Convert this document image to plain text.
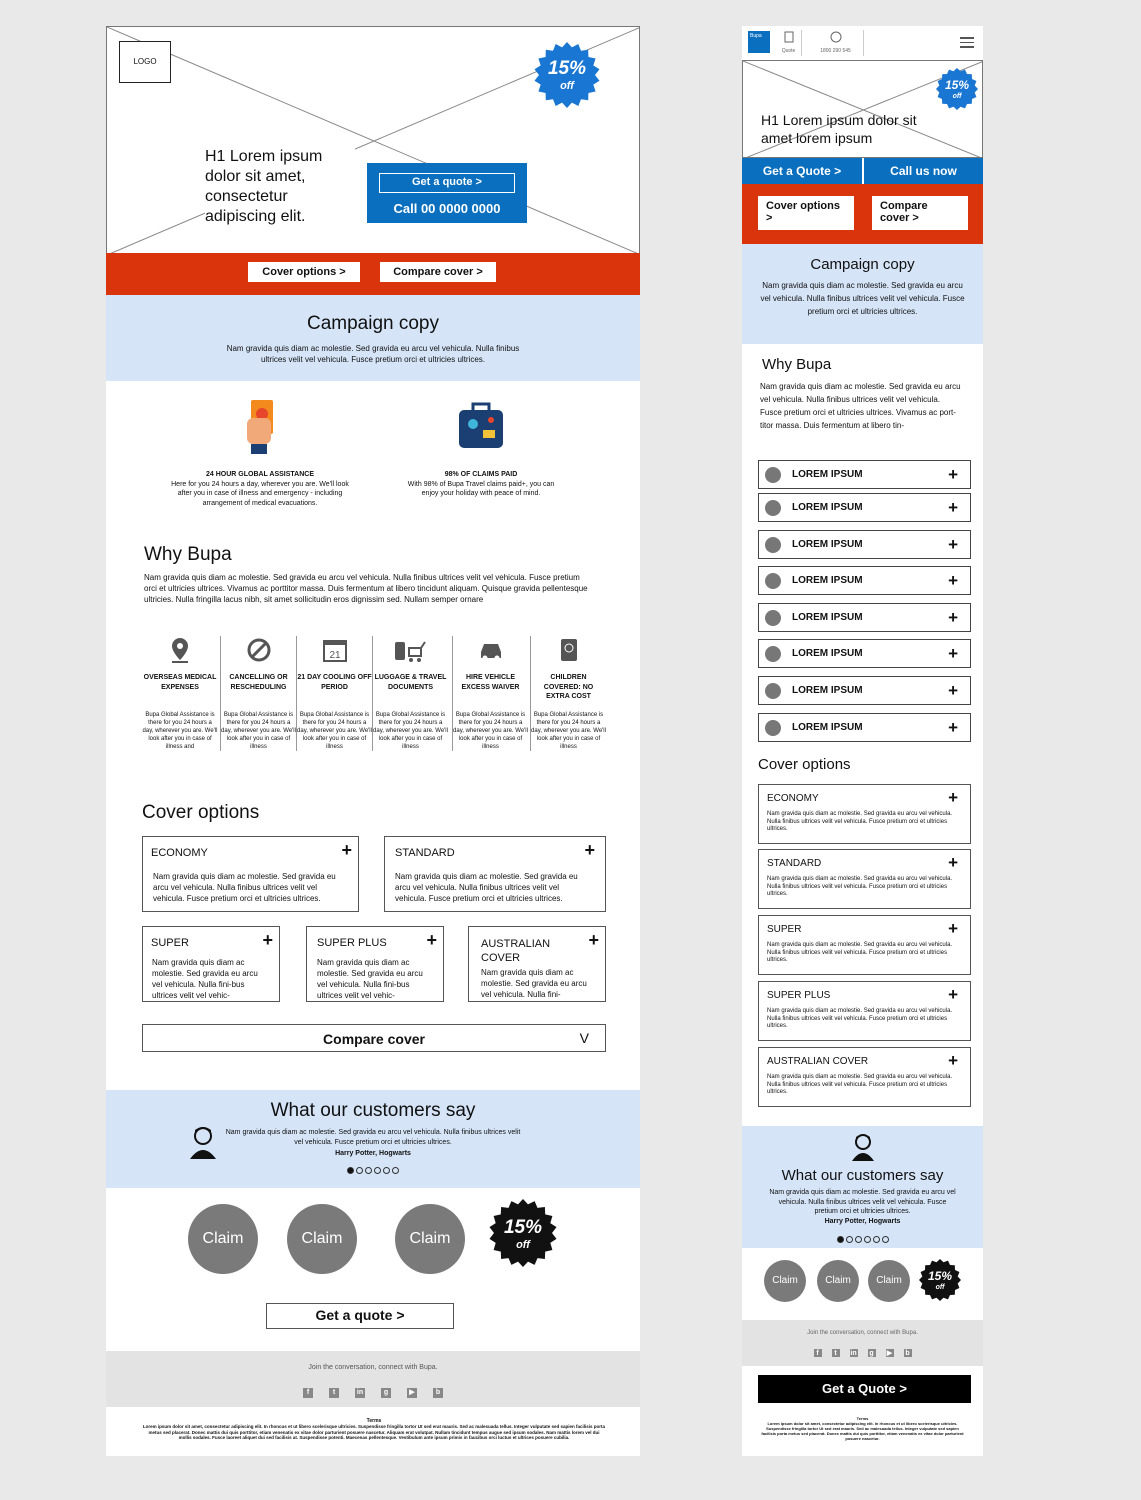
LOGO	15%
off
H1 Lorem ipsum dolor sit amet, consectetur adipiscing elit.
Get a quote >
Call 00 0000 0000
Cover options >	Compare cover >
Campaign copy
Nam gravida quis diam ac molestie. Sed gravida eu arcu vel vehicula. Nulla finibus ultrices velit vel vehicula. Fusce pretium orci et ultricies ultrices.
24 HOUR GLOBAL ASSISTANCE
Here for you 24 hours a day, wherever you are. We'll look after you in case of illness and emergency - including arrangement of medical evacuations.
98% OF CLAIMS PAID
With 98% of Bupa Travel claims paid+, you can enjoy your holiday with peace of mind.
Why Bupa
Nam gravida quis diam ac molestie. Sed gravida eu arcu vel vehicula. Nulla finibus ultrices velit vel vehicula. Fusce pretium orci et ultricies ultrices. Vivamus ac porttitor massa. Duis fermentum at libero tincidunt aliquam. Quisque gravida pellentesque ultricies. Nulla fringilla lacus nibh, sit amet sollicitudin eros dignissim sed. Nullam semper ornare
OVERSEAS MEDICAL EXPENSES
Bupa Global Assistance is there for you 24 hours a day, wherever you are. We'll look after you in case of illness and
CANCELLING OR RESCHEDULING
Bupa Global Assistance is there for you 24 hours a day, wherever you are. We'll look after you in case of illness
21
21 DAY COOLING OFF PERIOD
Bupa Global Assistance is there for you 24 hours a day, wherever you are. We'll look after you in case of illness
LUGGAGE & TRAVEL DOCUMENTS
Bupa Global Assistance is there for you 24 hours a day, wherever you are. We'll look after you in case of illness
HIRE VEHICLE EXCESS WAIVER
Bupa Global Assistance is there for you 24 hours a day, wherever you are. We'll look after you in case of illness
CHILDREN COVERED: NO EXTRA COST
Bupa Global Assistance is there for you 24 hours a day, wherever you are. We'll look after you in case of illness
Cover options
ECONOMY	+
Nam gravida quis diam ac molestie. Sed gravida eu arcu vel vehicula. Nulla finibus ultrices velit vel vehicula. Fusce pretium orci et ultricies ultrices.
STANDARD	+
Nam gravida quis diam ac molestie. Sed gravida eu arcu vel vehicula. Nulla finibus ultrices velit vel vehicula. Fusce pretium orci et ultricies ultrices.
SUPER	+
Nam gravida quis diam ac molestie. Sed gravida eu arcu vel vehicula. Nulla fini-bus ultrices velit vel vehic-
SUPER PLUS +
Nam gravida quis diam ac molestie. Sed gravida eu arcu vel vehicula. Nulla fini-bus ultrices velit vel vehic-
AUSTRALIAN COVER
+
Nam gravida quis diam ac molestie. Sed gravida eu arcu vel vehicula. Nulla fini-
Compare cover	V
What our customers say
Nam gravida quis diam ac molestie. Sed gravida eu arcu vel vehicula. Nulla finibus ultrices velit vel vehicula. Fusce pretium orci et ultricies ultrices.
Harry Potter, Hogwarts
Claim	Claim	Claim
15%
off
Get a quote >
Join the conversation, connect with Bupa.
f	t	in	g	▶	b
Terms
Lorem ipsum dolor sit amet, consectetur adipiscing elit. In rhoncus et ut libero scelerisque ultricies. Suspendisse fringilla tortor Ut sed erat mauris. Sed ac malesuada tellus. Integer vulputate sed sapien facilisis porta metus sed placerat. Donec mattis dui quis porttitor, etiam venenatis ex vitae dolor parturient posuere nascetur. Aliquam erat volutpat. Nullam tincidunt tempus augue sed ipsum sodales. Nam mattis lorem vel dui mollis sodales. Fusce laoreet aliquet dui sed facilisis at. Suspendisse potenti. Maecenas pellentesque. Vestibulum ante ipsum primis in faucibus orci luctus et ultrices posuere cubilia.
Bupa
Quote	1800 290 545
15%
off
H1 Lorem ipsum dolor sit amet lorem ipsum
Get a Quote >	Call us now
Cover options >
Compare cover >
Campaign copy
Nam gravida quis diam ac molestie. Sed gravida eu arcu vel vehicula. Nulla finibus ultrices velit vel vehicula. Fusce pretium orci et ultricies ultrices.
Why Bupa
Nam gravida quis diam ac molestie. Sed gravida eu arcu vel vehicula. Nulla finibus ultrices velit vel vehicula. Fusce pretium orci et ultricies ultrices. Vivamus ac port-titor massa. Duis fermentum at libero tin-
LOREM IPSUM	+
LOREM IPSUM	+
LOREM IPSUM	+
LOREM IPSUM	+
LOREM IPSUM	+
LOREM IPSUM	+
LOREM IPSUM	+
LOREM IPSUM	+
Cover options
ECONOMY	+
Nam gravida quis diam ac molestie. Sed gravida eu arcu vel vehicula. Nulla finibus ultrices velit vel vehicula. Fusce pretium orci et ultricies ultrices.
STANDARD	+
Nam gravida quis diam ac molestie. Sed gravida eu arcu vel vehicula. Nulla finibus ultrices velit vel vehicula. Fusce pretium orci et ultricies ultrices.
SUPER	+
Nam gravida quis diam ac molestie. Sed gravida eu arcu vel vehicula. Nulla finibus ultrices velit vel vehicula. Fusce pretium orci et ultricies ultrices.
SUPER PLUS	+
Nam gravida quis diam ac molestie. Sed gravida eu arcu vel vehicula. Nulla finibus ultrices velit vel vehicula. Fusce pretium orci et ultricies ultrices.
AUSTRALIAN COVER	+
Nam gravida quis diam ac molestie. Sed gravida eu arcu vel vehicula. Nulla finibus ultrices velit vel vehicula. Fusce pretium orci et ultricies ultrices.
What our customers say
Nam gravida quis diam ac molestie. Sed gravida eu arcu vel vehicula. Nulla finibus ultrices velit vel vehicula. Fusce pretium orci et ultricies ultrices.
Harry Potter, Hogwarts
Claim	Claim	Claim	15%
off
Join the conversation, connect with Bupa.
f t in g ▶ b
Get a Quote >
Terms
Lorem ipsum dolor sit amet, consectetur adipiscing elit. In rhoncus et ut libero scelerisque ultricies. Suspendisse fringilla tortor Ut sed erat mauris. Sed ac malesuada tellus. Integer vulputate sed sapien facilisis porta metus sed placerat. Donec mattis dui quis porttitor, etiam venenatis ex vitae dolor parturient posuere nascetur.
